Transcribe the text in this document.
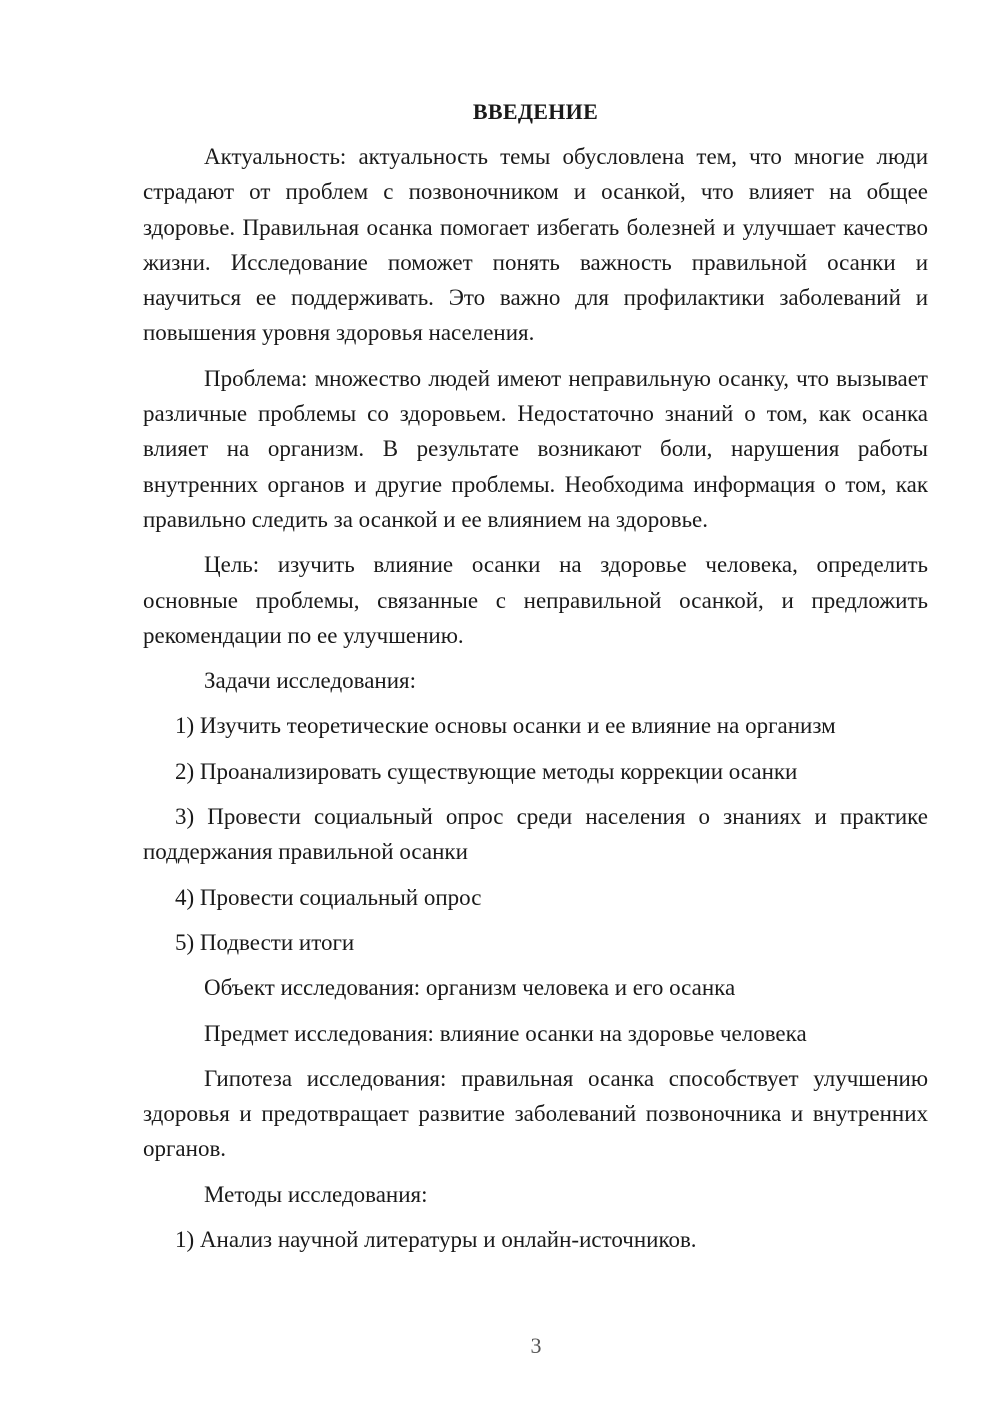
ВВЕДЕНИЕ

Актуальность: актуальность темы обусловлена тем, что многие люди страдают от проблем с позвоночником и осанкой, что влияет на общее здоровье. Правильная осанка помогает избегать болезней и улучшает качество жизни. Исследование поможет понять важность правильной осанки и научиться ее поддерживать. Это важно для профилактики заболеваний и повышения уровня здоровья населения.

Проблема: множество людей имеют неправильную осанку, что вызывает различные проблемы со здоровьем. Недостаточно знаний о том, как осанка влияет на организм. В результате возникают боли, нарушения работы внутренних органов и другие проблемы. Необходима информация о том, как правильно следить за осанкой и ее влиянием на здоровье.

Цель: изучить влияние осанки на здоровье человека, определить основные проблемы, связанные с неправильной осанкой, и предложить рекомендации по ее улучшению.

Задачи исследования:

1) Изучить теоретические основы осанки и ее влияние на организм

2) Проанализировать существующие методы коррекции осанки

3) Провести социальный опрос среди населения о знаниях и практике поддержания правильной осанки

4) Провести социальный опрос

5) Подвести итоги

Объект исследования: организм человека и его осанка

Предмет исследования: влияние осанки на здоровье человека

Гипотеза исследования: правильная осанка способствует улучшению здоровья и предотвращает развитие заболеваний позвоночника и внутренних органов.

Методы исследования:

1) Анализ научной литературы и онлайн-источников.

3
